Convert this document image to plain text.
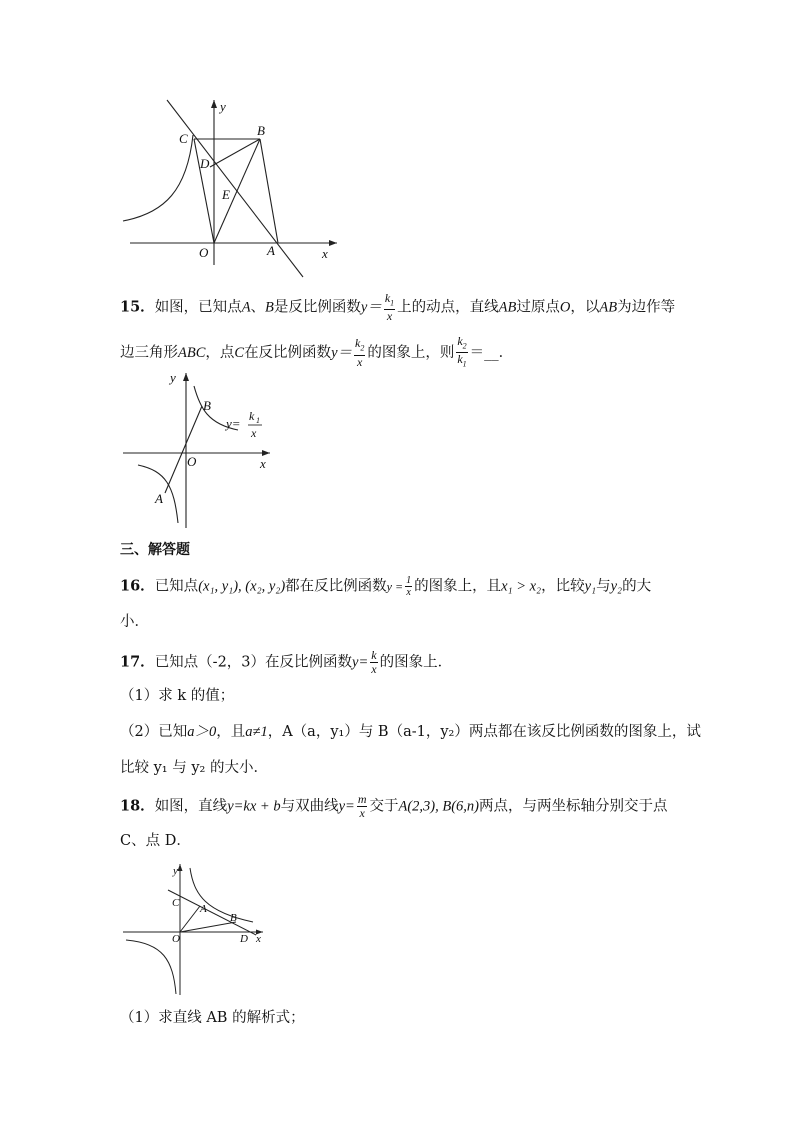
C
B
D
E
O	A	x
y
15．如图，已知点A、B是反比例函数$y= \frac{k_1}{x}$ 上的动点，直线AB过原点O，以AB为边作等
边三角形ABC，点C在反比例函数$y= \frac{k_2}{x}$ 的图象上，则 $\frac{k_2}{k_1}$ ＝__．
y
B
O	x
A
y= k 1
x
三、解答题
16．已知点(x₁, y₁), (x₂, y₂)都在反比例函数$y = \frac{1}{x}$ 的图象上，且x₁ > x₂，比较y₁与y₂的大
小．
17．已知点（-2，3）在反比例函数$y= \frac{k}{x}$ 的图象上．
（1）求 k 的值；
（2）已知a＞0，且a≠1，A（a，y₁）与 B（a-1，y₂）两点都在该反比例函数的图象上，试
比较 y₁ 与 y₂ 的大小．
18．如图，直线y=kx + b与双曲线$y= \frac{m}{x}$ 交于A(2,3), B(6,n)两点，与两坐标轴分别交于点
C、点 D．
y
C A
B
O	D x
（1）求直线 AB 的解析式；
